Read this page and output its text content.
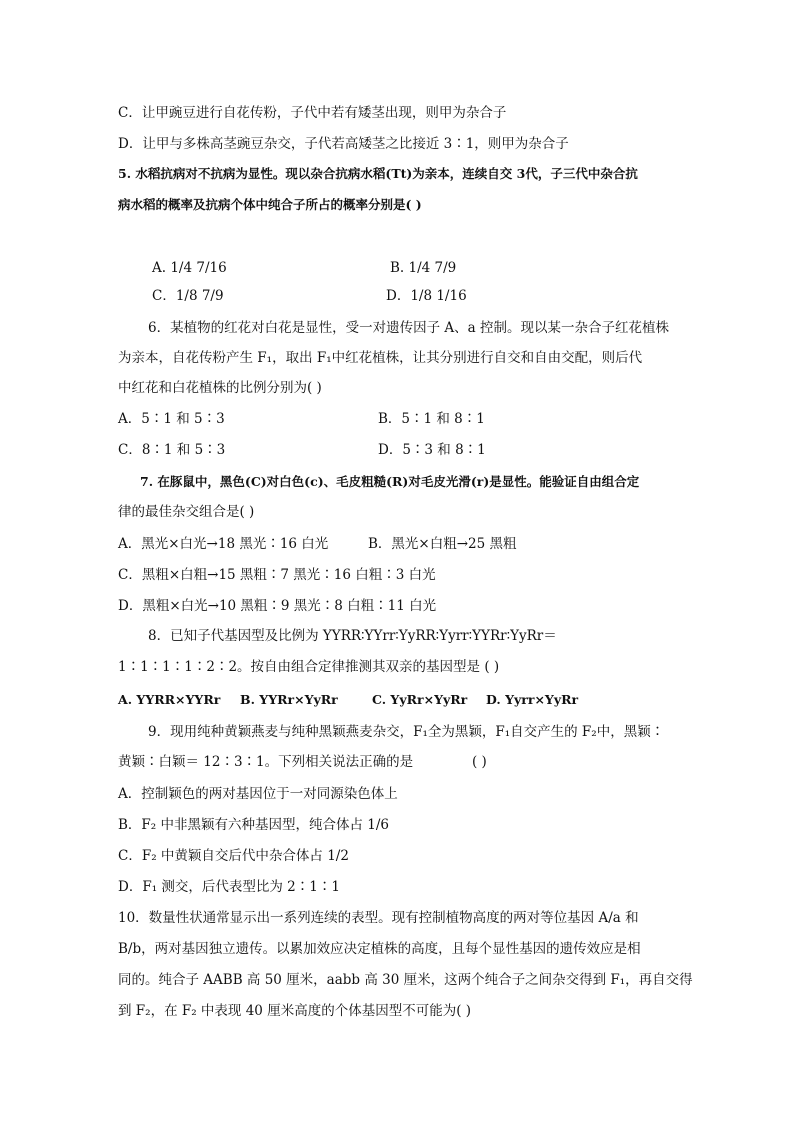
C．让甲豌豆进行自花传粉，子代中若有矮茎出现，则甲为杂合子
D．让甲与多株高茎豌豆杂交，子代若高矮茎之比接近 3∶1，则甲为杂合子
5. 水稻抗病对不抗病为显性。现以杂合抗病水稻(Tt)为亲本，连续自交 3代，子三代中杂合抗
病水稻的概率及抗病个体中纯合子所占的概率分别是( )
A. 1/4 7/16	B. 1/4 7/9
C．1/8 7/9	D．1/8 1/16
6．某植物的红花对白花是显性，受一对遗传因子 A、a 控制。现以某一杂合子红花植株
为亲本，自花传粉产生 F₁，取出 F₁中红花植株，让其分别进行自交和自由交配，则后代
中红花和白花植株的比例分别为( )
A．5∶1 和 5∶3	B．5∶1 和 8∶1
C．8∶1 和 5∶3	D．5∶3 和 8∶1
7. 在豚鼠中，黑色(C)对白色(c)、毛皮粗糙(R)对毛皮光滑(r)是显性。能验证自由组合定
律的最佳杂交组合是( )
A．黑光×白光→18 黑光∶16 白光	B．黑光×白粗→25 黑粗
C．黑粗×白粗→15 黑粗∶7 黑光∶16 白粗∶3 白光
D．黑粗×白光→10 黑粗∶9 黑光∶8 白粗∶11 白光
8．已知子代基因型及比例为 YYRR∶YYrr∶YyRR∶Yyrr∶YYRr∶YyRr＝
1∶1∶1∶1∶2∶2。按自由组合定律推测其双亲的基因型是 ( )
A. YYRR×YYRr B. YYRr×YyRr	C. YyRr×YyRr D. Yyrr×YyRr
9．现用纯种黄颖燕麦与纯种黑颖燕麦杂交，F₁全为黑颖，F₁自交产生的 F₂中，黑颖∶
黄颖∶白颖＝ 12∶3∶1。下列相关说法正确的是	( )
A．控制颖色的两对基因位于一对同源染色体上
B．F₂ 中非黑颖有六种基因型，纯合体占 1/6
C．F₂ 中黄颖自交后代中杂合体占 1/2
D．F₁ 测交，后代表型比为 2∶1∶1
10．数量性状通常显示出一系列连续的表型。现有控制植物高度的两对等位基因 A/a 和
B/b，两对基因独立遗传。以累加效应决定植株的高度，且每个显性基因的遗传效应是相
同的。纯合子 AABB 高 50 厘米，aabb 高 30 厘米，这两个纯合子之间杂交得到 F₁，再自交得
到 F₂，在 F₂ 中表现 40 厘米高度的个体基因型不可能为( )
